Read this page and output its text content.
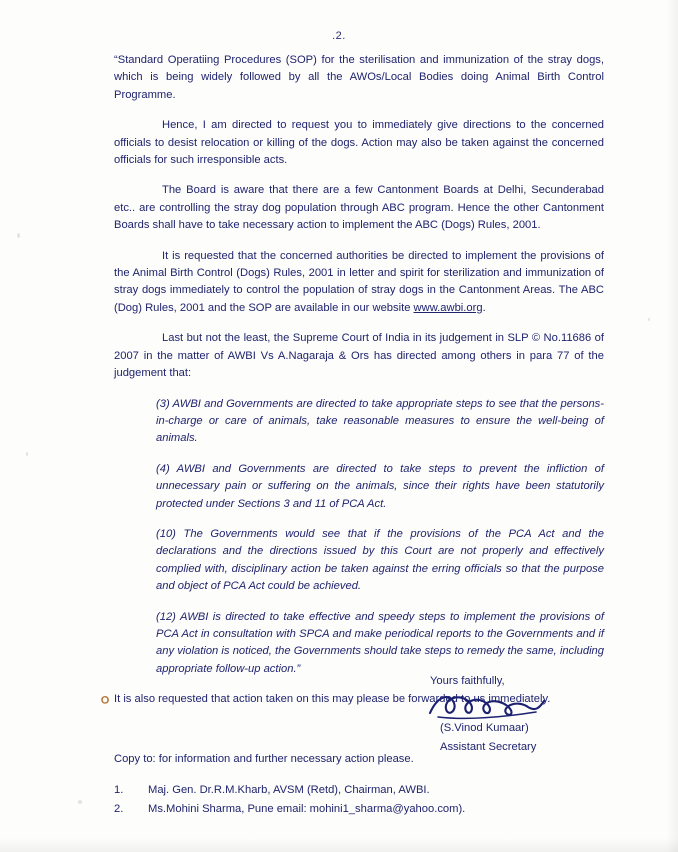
.2.

“Standard Operatiing Procedures (SOP) for the sterilisation and immunization of the stray dogs, which is being widely followed by all the AWOs/Local Bodies doing Animal Birth Control Programme.

Hence, I am directed to request you to immediately give directions to the concerned officials to desist relocation or killing of the dogs. Action may also be taken against the concerned officials for such irresponsible acts.

The Board is aware that there are a few Cantonment Boards at Delhi, Secunderabad etc.. are controlling the stray dog population through ABC program. Hence the other Cantonment Boards shall have to take necessary action to implement the ABC (Dogs) Rules, 2001.

It is requested that the concerned authorities be directed to implement the provisions of the Animal Birth Control (Dogs) Rules, 2001 in letter and spirit for sterilization and immunization of stray dogs immediately to control the population of stray dogs in the Cantonment Areas. The ABC (Dog) Rules, 2001 and the SOP are available in our website www.awbi.org.

Last but not the least, the Supreme Court of India in its judgement in SLP © No.11686 of 2007 in the matter of AWBI Vs A.Nagaraja & Ors has directed among others in para 77 of the judgement that:

(3) AWBI and Governments are directed to take appropriate steps to see that the persons-in-charge or care of animals, take reasonable measures to ensure the well-being of animals.

(4) AWBI and Governments are directed to take steps to prevent the infliction of unnecessary pain or suffering on the animals, since their rights have been statutorily protected under Sections 3 and 11 of PCA Act.

(10) The Governments would see that if the provisions of the PCA Act and the declarations and the directions issued by this Court are not properly and effectively complied with, disciplinary action be taken against the erring officials so that the purpose and object of PCA Act could be achieved.

(12) AWBI is directed to take effective and speedy steps to implement the provisions of PCA Act in consultation with SPCA and make periodical reports to the Governments and if any violation is noticed, the Governments should take steps to remedy the same, including appropriate follow-up action.”

It is also requested that action taken on this may please be forwarded to us immediately.

Yours faithfully,

(S.Vinod Kumaar)

Assistant Secretary

०
Copy to: for information and further necessary action please.
1.	Maj. Gen. Dr.R.M.Kharb, AVSM (Retd), Chairman, AWBI.
2.	Ms.Mohini Sharma, Pune email: mohini1_sharma@yahoo.com).
